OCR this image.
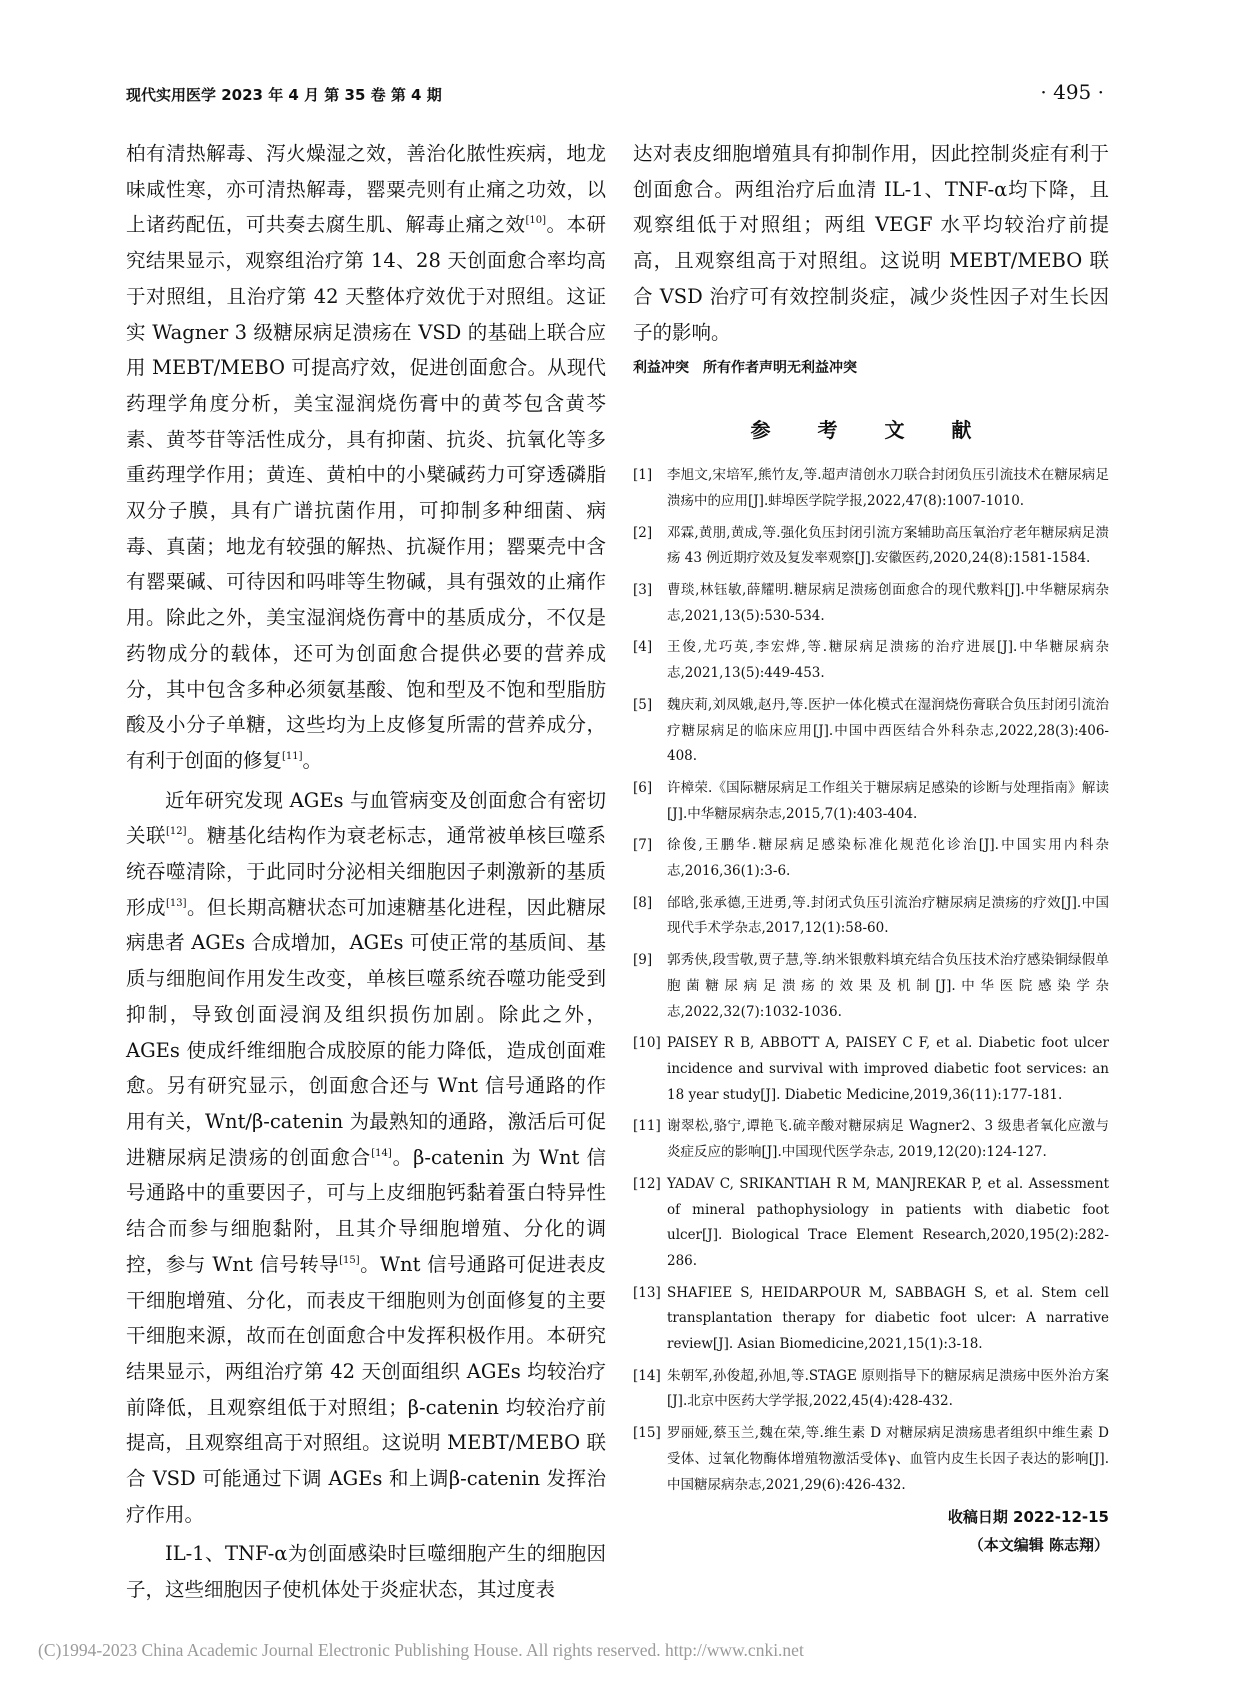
现代实用医学 2023 年 4 月 第 35 卷 第 4 期	· 495 ·

柏有清热解毒、泻火燥湿之效，善治化脓性疾病，地龙味咸性寒，亦可清热解毒，罂粟壳则有止痛之功效，以上诸药配伍，可共奏去腐生肌、解毒止痛之效[10]。本研究结果显示，观察组治疗第 14、28 天创面愈合率均高于对照组，且治疗第 42 天整体疗效优于对照组。这证实 Wagner 3 级糖尿病足溃疡在 VSD 的基础上联合应用 MEBT/MEBO 可提高疗效，促进创面愈合。从现代药理学角度分析，美宝湿润烧伤膏中的黄芩包含黄芩素、黄芩苷等活性成分，具有抑菌、抗炎、抗氧化等多重药理学作用；黄连、黄柏中的小檗碱药力可穿透磷脂双分子膜，具有广谱抗菌作用，可抑制多种细菌、病毒、真菌；地龙有较强的解热、抗凝作用；罂粟壳中含有罂粟碱、可待因和吗啡等生物碱，具有强效的止痛作用。除此之外，美宝湿润烧伤膏中的基质成分，不仅是药物成分的载体，还可为创面愈合提供必要的营养成分，其中包含多种必须氨基酸、饱和型及不饱和型脂肪酸及小分子单糖，这些均为上皮修复所需的营养成分，有利于创面的修复[11]。

近年研究发现 AGEs 与血管病变及创面愈合有密切关联[12]。糖基化结构作为衰老标志，通常被单核巨噬系统吞噬清除，于此同时分泌相关细胞因子刺激新的基质形成[13]。但长期高糖状态可加速糖基化进程，因此糖尿病患者 AGEs 合成增加，AGEs 可使正常的基质间、基质与细胞间作用发生改变，单核巨噬系统吞噬功能受到抑制，导致创面浸润及组织损伤加剧。除此之外，AGEs 使成纤维细胞合成胶原的能力降低，造成创面难愈。另有研究显示，创面愈合还与 Wnt 信号通路的作用有关，Wnt/β-catenin 为最熟知的通路，激活后可促进糖尿病足溃疡的创面愈合[14]。β-catenin 为 Wnt 信号通路中的重要因子，可与上皮细胞钙黏着蛋白特异性结合而参与细胞黏附，且其介导细胞增殖、分化的调控，参与 Wnt 信号转导[15]。Wnt 信号通路可促进表皮干细胞增殖、分化，而表皮干细胞则为创面修复的主要干细胞来源，故而在创面愈合中发挥积极作用。本研究结果显示，两组治疗第 42 天创面组织 AGEs 均较治疗前降低，且观察组低于对照组；β-catenin 均较治疗前提高，且观察组高于对照组。这说明 MEBT/MEBO 联合 VSD 可能通过下调 AGEs 和上调β-catenin 发挥治疗作用。

IL-1、TNF-α为创面感染时巨噬细胞产生的细胞因子，这些细胞因子使机体处于炎症状态，其过度表

达对表皮细胞增殖具有抑制作用，因此控制炎症有利于创面愈合。两组治疗后血清 IL-1、TNF-α均下降，且观察组低于对照组；两组 VEGF 水平均较治疗前提高，且观察组高于对照组。这说明 MEBT/MEBO 联合 VSD 治疗可有效控制炎症，减少炎性因子对生长因子的影响。

利益冲突 所有作者声明无利益冲突

参 考 文 献
[1]	李旭文,宋培军,熊竹友,等.超声清创水刀联合封闭负压引流技术在糖尿病足溃疡中的应用[J].蚌埠医学院学报,2022,47(8):1007-1010.
[2]	邓霖,黄朋,黄成,等.强化负压封闭引流方案辅助高压氧治疗老年糖尿病足溃疡 43 例近期疗效及复发率观察[J].安徽医药,2020,24(8):1581-1584.
[3]	曹琰,林钰敏,薛耀明.糖尿病足溃疡创面愈合的现代敷料[J].中华糖尿病杂志,2021,13(5):530-534.
[4]	王俊,尤巧英,李宏烨,等.糖尿病足溃疡的治疗进展[J].中华糖尿病杂志,2021,13(5):449-453.
[5]	魏庆莉,刘凤娥,赵丹,等.医护一体化模式在湿润烧伤膏联合负压封闭引流治疗糖尿病足的临床应用[J].中国中西医结合外科杂志,2022,28(3):406-408.
[6]	许樟荣.《国际糖尿病足工作组关于糖尿病足感染的诊断与处理指南》解读[J].中华糖尿病杂志,2015,7(1):403-404.
[7]	徐俊,王鹏华.糖尿病足感染标准化规范化诊治[J].中国实用内科杂志,2016,36(1):3-6.
[8]	邰晗,张承德,王进勇,等.封闭式负压引流治疗糖尿病足溃疡的疗效[J].中国现代手术学杂志,2017,12(1):58-60.
[9]	郭秀侠,段雪敬,贾子慧,等.纳米银敷料填充结合负压技术治疗感染铜绿假单胞菌糖尿病足溃疡的效果及机制[J].中华医院感染学杂志,2022,32(7):1032-1036.
[10] PAISEY R B, ABBOTT A, PAISEY C F, et al. Diabetic foot ulcer incidence and survival with improved diabetic foot services: an 18 year study[J]. Diabetic Medicine,2019,36(11):177-181.
[11] 谢翠松,骆宁,谭艳飞.硫辛酸对糖尿病足 Wagner2、3 级患者氧化应激与炎症反应的影响[J].中国现代医学杂志, 2019,12(20):124-127.
[12] YADAV C, SRIKANTIAH R M, MANJREKAR P, et al. Assessment of mineral pathophysiology in patients with diabetic foot ulcer[J]. Biological Trace Element Research,2020,195(2):282-286.
[13] SHAFIEE S, HEIDARPOUR M, SABBAGH S, et al. Stem cell transplantation therapy for diabetic foot ulcer: A narrative review[J]. Asian Biomedicine,2021,15(1):3-18.
[14] 朱朝军,孙俊超,孙旭,等.STAGE 原则指导下的糖尿病足溃疡中医外治方案[J].北京中医药大学学报,2022,45(4):428-432.
[15] 罗丽娅,蔡玉兰,魏在荣,等.维生素 D 对糖尿病足溃疡患者组织中维生素 D 受体、过氧化物酶体增殖物激活受体γ、血管内皮生长因子表达的影响[J].中国糖尿病杂志,2021,29(6):426-432.
收稿日期 2022-12-15
（本文编辑 陈志翔）
(C)1994-2023 China Academic Journal Electronic Publishing House. All rights reserved. http://www.cnki.net
